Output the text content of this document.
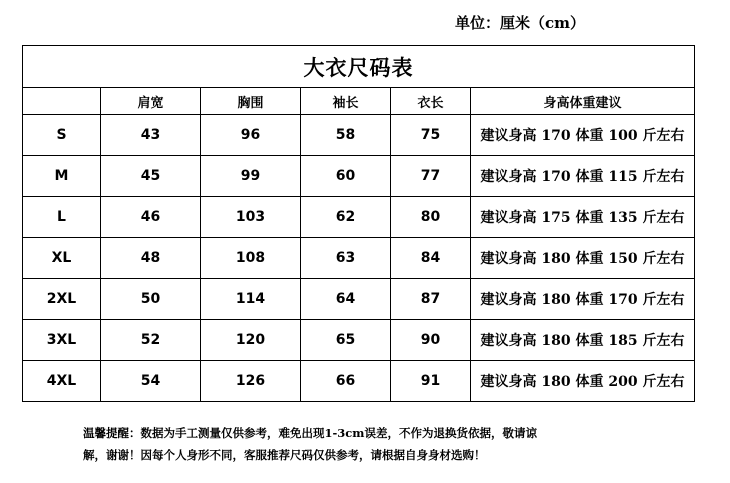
单位：厘米（cm）
大衣尺码表					
	肩宽	胸围	袖长	衣长	身高体重建议
S	43	96	58	75	建议身高 170 体重 100 斤左右
M	45	99	60	77	建议身高 170 体重 115 斤左右
L	46	103	62	80	建议身高 175 体重 135 斤左右
XL	48	108	63	84	建议身高 180 体重 150 斤左右
2XL	50	114	64	87	建议身高 180 体重 170 斤左右
3XL	52	120	65	90	建议身高 180 体重 185 斤左右
4XL	54	126	66	91	建议身高 180 体重 200 斤左右
温馨提醒：数据为手工测量仅供参考，难免出现1-3cm误差，不作为退换货依据，敬请谅
解，谢谢！因每个人身形不同，客服推荐尺码仅供参考，请根据自身身材选购！
